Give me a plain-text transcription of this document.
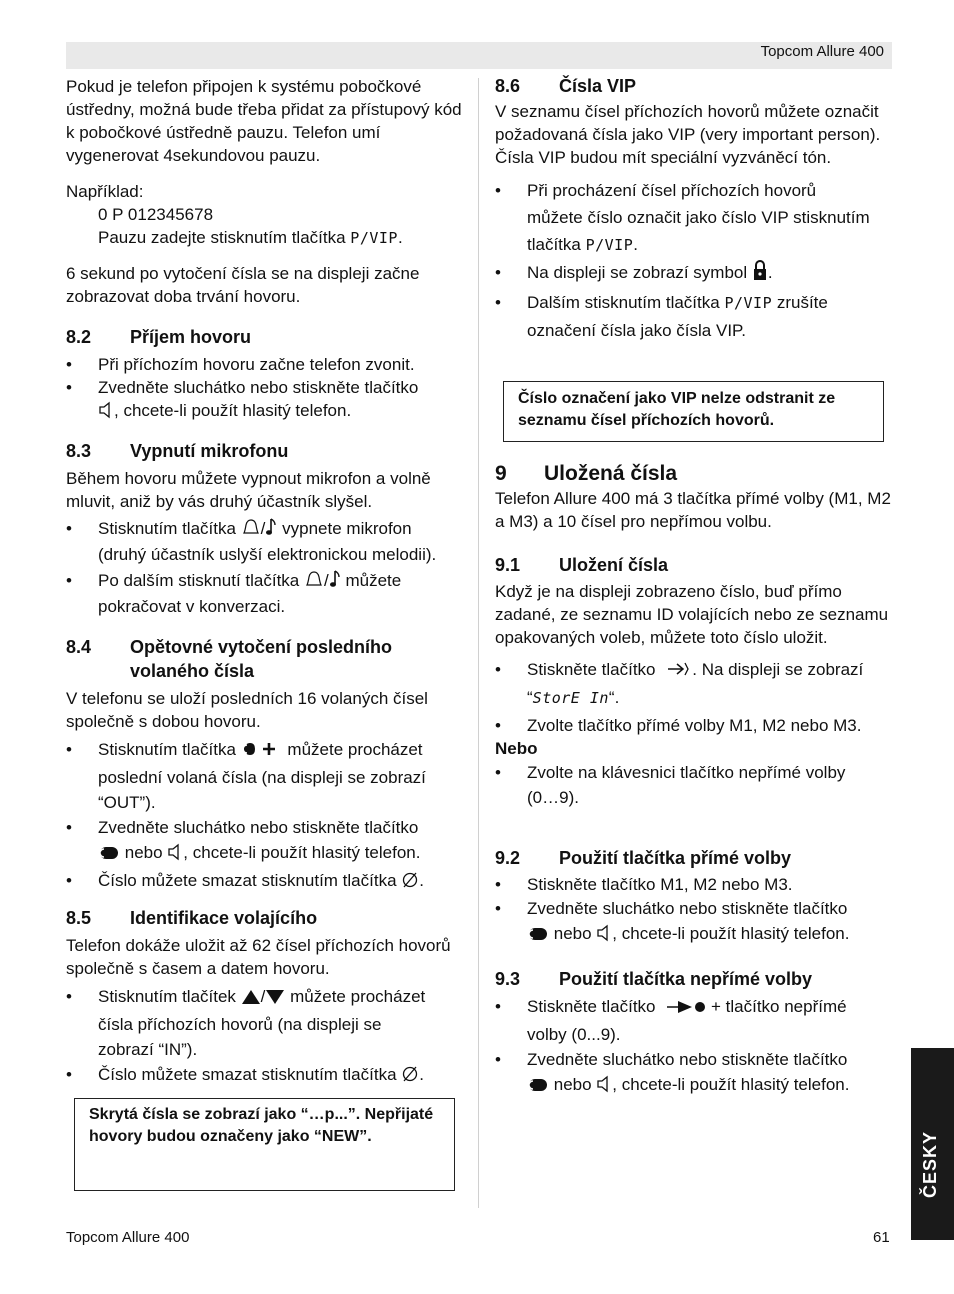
Topcom Allure 400

Pokud je telefon připojen k systému pobočkové ústředny, možná bude třeba přidat za přístupový kód k pobočkové ústředně pauzu. Telefon umí vygenerovat 4sekundovou pauzu.

Například:

0 P 012345678

Pauzu zadejte stisknutím tlačítka P/VIP.

6 sekund po vytočení čísla se na displeji začne zobrazovat doba trvání hovoru.

8.2 Příjem hovoru

• Při příchozím hovoru začne telefon zvonit.
• Zvedněte sluchátko nebo stiskněte tlačítko
, chcete-li použít hlasitý telefon.

8.3 Vypnutí mikrofonu

Během hovoru můžete vypnout mikrofon a volně mluvit, aniž by vás druhý účastník slyšel.

• Stisknutím tlačítka / vypnete mikrofon
(druhý účastník uslyší elektronickou melodii).
• Po dalším stisknutí tlačítka / můžete
pokračovat v konverzaci.

8.4 Opětovné vytočení posledního

volaného čísla

V telefonu se uloží posledních 16 volaných čísel společně s dobou hovoru.

• Stisknutím tlačítka	můžete procházet
poslední volaná čísla (na displeji se zobrazí
“OUT”).
• Zvedněte sluchátko nebo stiskněte tlačítko
nebo , chcete-li použít hlasitý telefon.
• Číslo můžete smazat stisknutím tlačítka .

8.5 Identifikace volajícího

Telefon dokáže uložit až 62 čísel příchozích hovorů společně s časem a datem hovoru.

• Stisknutím tlačítek / můžete procházet
čísla příchozích hovorů (na displeji se
zobrazí “IN”).
• Číslo můžete smazat stisknutím tlačítka .
Skrytá čísla se zobrazí jako “…p...”. Nepřijaté hovory budou označeny jako “NEW”.

8.6 Čísla VIP

V seznamu čísel příchozích hovorů můžete označit požadovaná čísla jako VIP (very important person).

Čísla VIP budou mít speciální vyzváněcí tón.

• Při procházení čísel příchozích hovorů
můžete číslo označit jako číslo VIP stisknutím
tlačítka P/VIP.
• Na displeji se zobrazí symbol .
• Dalším stisknutím tlačítka P/VIP zrušíte
označení čísla jako čísla VIP.
Číslo označení jako VIP nelze odstranit ze seznamu čísel příchozích hovorů.

9 Uložená čísla

Telefon Allure 400 má 3 tlačítka přímé volby (M1, M2 a M3) a 10 čísel pro nepřímou volbu.

9.1 Uložení čísla

Když je na displeji zobrazeno číslo, buď přímo zadané, ze seznamu ID volajících nebo ze seznamu opakovaných voleb, můžete toto číslo uložit.

• Stiskněte tlačítko . Na displeji se zobrazí
“StorE In“.
• Zvolte tlačítko přímé volby M1, M2 nebo M3.

Nebo

• Zvolte na klávesnici tlačítko nepřímé volby
(0…9).

9.2 Použití tlačítka přímé volby

• Stiskněte tlačítko M1, M2 nebo M3.
• Zvedněte sluchátko nebo stiskněte tlačítko
nebo , chcete-li použít hlasitý telefon.

9.3 Použití tlačítka nepřímé volby

• Stiskněte tlačítko	+ tlačítko nepřímé
volby (0...9).
• Zvedněte sluchátko nebo stiskněte tlačítko
nebo , chcete-li použít hlasitý telefon.
ČESKY
Topcom Allure 400	61
